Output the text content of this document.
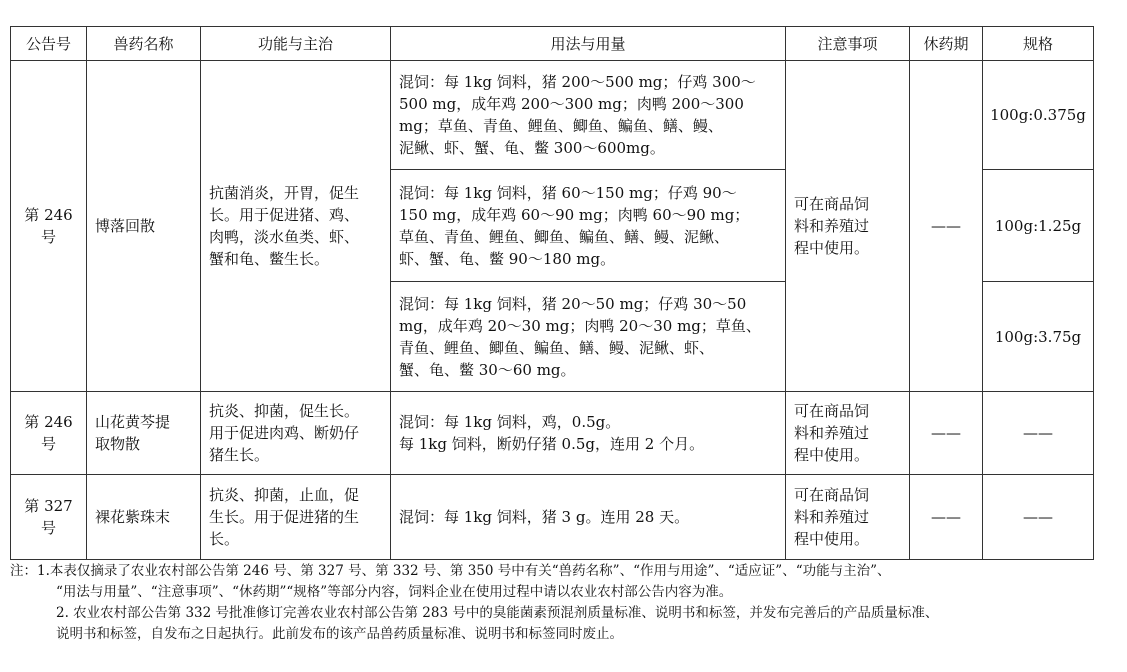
公告号	兽药名称	功能与主治	用法与用量	注意事项	休药期	规格

第 246
号	博落回散	抗菌消炎，开胃，促生
长。用于促进猪、鸡、
肉鸭，淡水鱼类、虾、
蟹和龟、鳖生长。	混饲：每 1kg 饲料，猪 200～500 mg；仔鸡 300～
500 mg，成年鸡 200～300 mg；肉鸭 200～300
mg；草鱼、青鱼、鲤鱼、鲫鱼、鳊鱼、鳝、鳗、
泥鳅、虾、蟹、龟、鳖 300～600mg。	可在商品饲
料和养殖过
程中使用。	——	100g:0.375g

			混饲：每 1kg 饲料，猪 60～150 mg；仔鸡 90～
150 mg，成年鸡 60～90 mg；肉鸭 60～90 mg；
草鱼、青鱼、鲤鱼、鲫鱼、鳊鱼、鳝、鳗、泥鳅、
虾、蟹、龟、鳖 90～180 mg。			100g:1.25g

			混饲：每 1kg 饲料，猪 20～50 mg；仔鸡 30～50
mg，成年鸡 20～30 mg；肉鸭 20～30 mg；草鱼、
青鱼、鲤鱼、鲫鱼、鳊鱼、鳝、鳗、泥鳅、虾、
蟹、龟、鳖 30～60 mg。			100g:3.75g

第 246
号	山花黄芩提
取物散	抗炎、抑菌，促生长。
用于促进肉鸡、断奶仔
猪生长。	混饲：每 1kg 饲料，鸡，0.5g。
每 1kg 饲料，断奶仔猪 0.5g，连用 2 个月。	可在商品饲
料和养殖过
程中使用。	——	——

第 327
号	裸花紫珠末	抗炎、抑菌，止血，促
生长。用于促进猪的生
长。	混饲：每 1kg 饲料，猪 3 g。连用 28 天。	可在商品饲
料和养殖过
程中使用。	——	——
注：1.本表仅摘录了农业农村部公告第 246 号、第 327 号、第 332 号、第 350 号中有关“兽药名称”、“作用与用途”、“适应证”、“功能与主治”、
“用法与用量”、“注意事项”、“休药期”“规格”等部分内容，饲料企业在使用过程中请以农业农村部公告内容为准。
2. 农业农村部公告第 332 号批准修订完善农业农村部公告第 283 号中的臭能菌素预混剂质量标准、说明书和标签，并发布完善后的产品质量标准、
说明书和标签，自发布之日起执行。此前发布的该产品兽药质量标准、说明书和标签同时废止。
